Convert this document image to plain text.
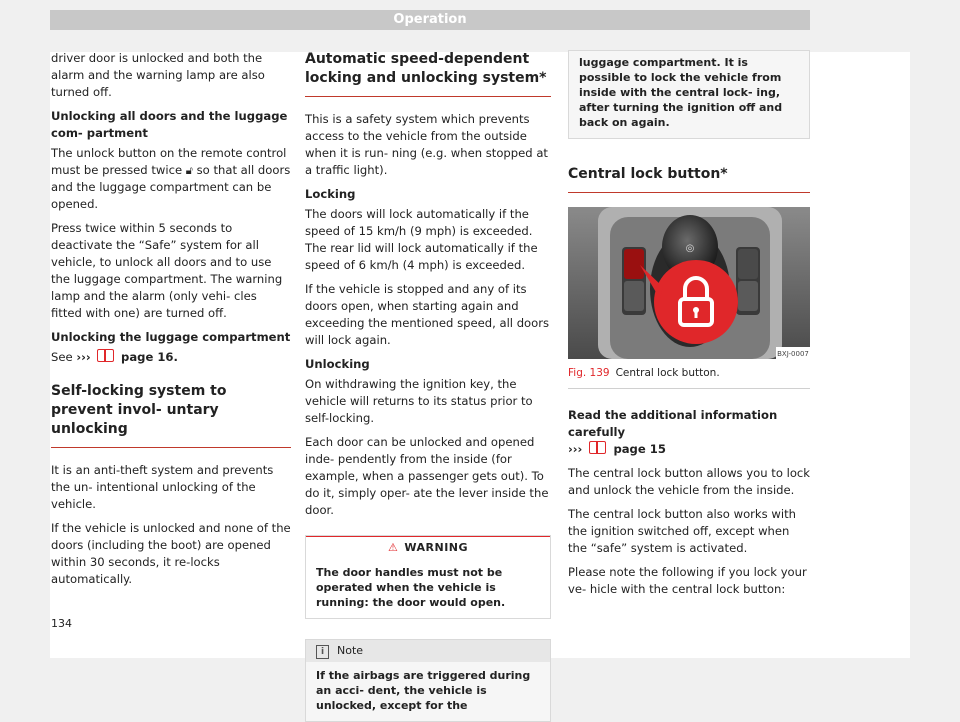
Operation

driver door is unlocked and both the alarm and the warning lamp are also turned off.

Unlocking all doors and the luggage com- partment

The unlock button on the remote control must be pressed twice 🔓︎ so that all doors and the luggage compartment can be opened.

Press twice within 5 seconds to deactivate the “Safe” system for all vehicle, to unlock all doors and to use the luggage compartment. The warning lamp and the alarm (only vehi- cles fitted with one) are turned off.

Unlocking the luggage compartment

See ›››	page 16.

Self-locking system to prevent invol- untary unlocking

It is an anti-theft system and prevents the un- intentional unlocking of the vehicle.

If the vehicle is unlocked and none of the doors (including the boot) are opened within 30 seconds, it re-locks automatically.

Automatic speed-dependent locking and unlocking system*

This is a safety system which prevents access to the vehicle from the outside when it is run- ning (e.g. when stopped at a traffic light).

Locking

The doors will lock automatically if the speed of 15 km/h (9 mph) is exceeded. The rear lid will lock automatically if the speed of 6 km/h (4 mph) is exceeded.

If the vehicle is stopped and any of its doors open, when starting again and exceeding the mentioned speed, all doors will lock again.

Unlocking

On withdrawing the ignition key, the vehicle will returns to its status prior to self-locking.

Each door can be unlocked and opened inde- pendently from the inside (for example, when a passenger gets out). To do it, simply oper- ate the lever inside the door.

⚠ WARNING
The door handles must not be operated when the vehicle is running: the door would open.
i Note
If the airbags are triggered during an acci- dent, the vehicle is unlocked, except for the
luggage compartment. It is possible to lock the vehicle from inside with the central lock- ing, after turning the ignition off and back on again.
Central lock button*
◎
BXJ-0007
Fig. 139 Central lock button.

Read the additional information carefully
›››	page 15

The central lock button allows you to lock and unlock the vehicle from the inside.

The central lock button also works with the ignition switched off, except when the “safe” system is activated.

Please note the following if you lock your ve- hicle with the central lock button:

134
